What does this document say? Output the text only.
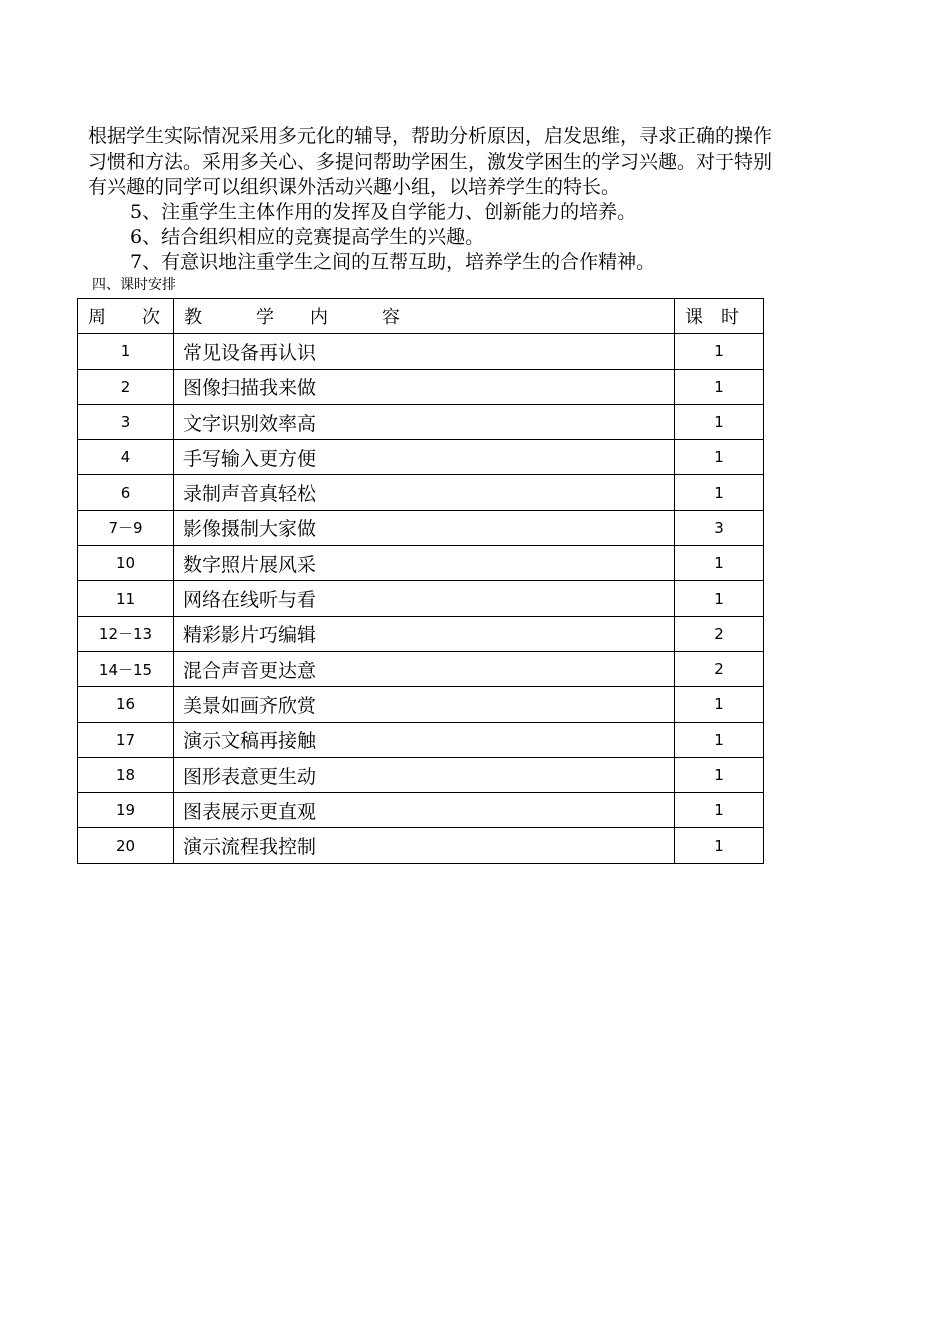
根据学生实际情况采用多元化的辅导，帮助分析原因，启发思维，寻求正确的操作
习惯和方法。采用多关心、多提问帮助学困生，激发学困生的学习兴趣。对于特别
有兴趣的同学可以组织课外活动兴趣小组，以培养学生的特长。
5、注重学生主体作用的发挥及自学能力、创新能力的培养。
6、结合组织相应的竞赛提高学生的兴趣。
7、有意识地注重学生之间的互帮互助，培养学生的合作精神。
四、课时安排
周　　次	教　　　学　　内　　　容	课　时
1	常见设备再认识	1
2	图像扫描我来做	1
3	文字识别效率高	1
4	手写输入更方便	1
6	录制声音真轻松	1
7－9	影像摄制大家做	3
10	数字照片展风采	1
11	网络在线听与看	1
12－13	精彩影片巧编辑	2
14－15	混合声音更达意	2
16	美景如画齐欣赏	1
17	演示文稿再接触	1
18	图形表意更生动	1
19	图表展示更直观	1
20	演示流程我控制	1
